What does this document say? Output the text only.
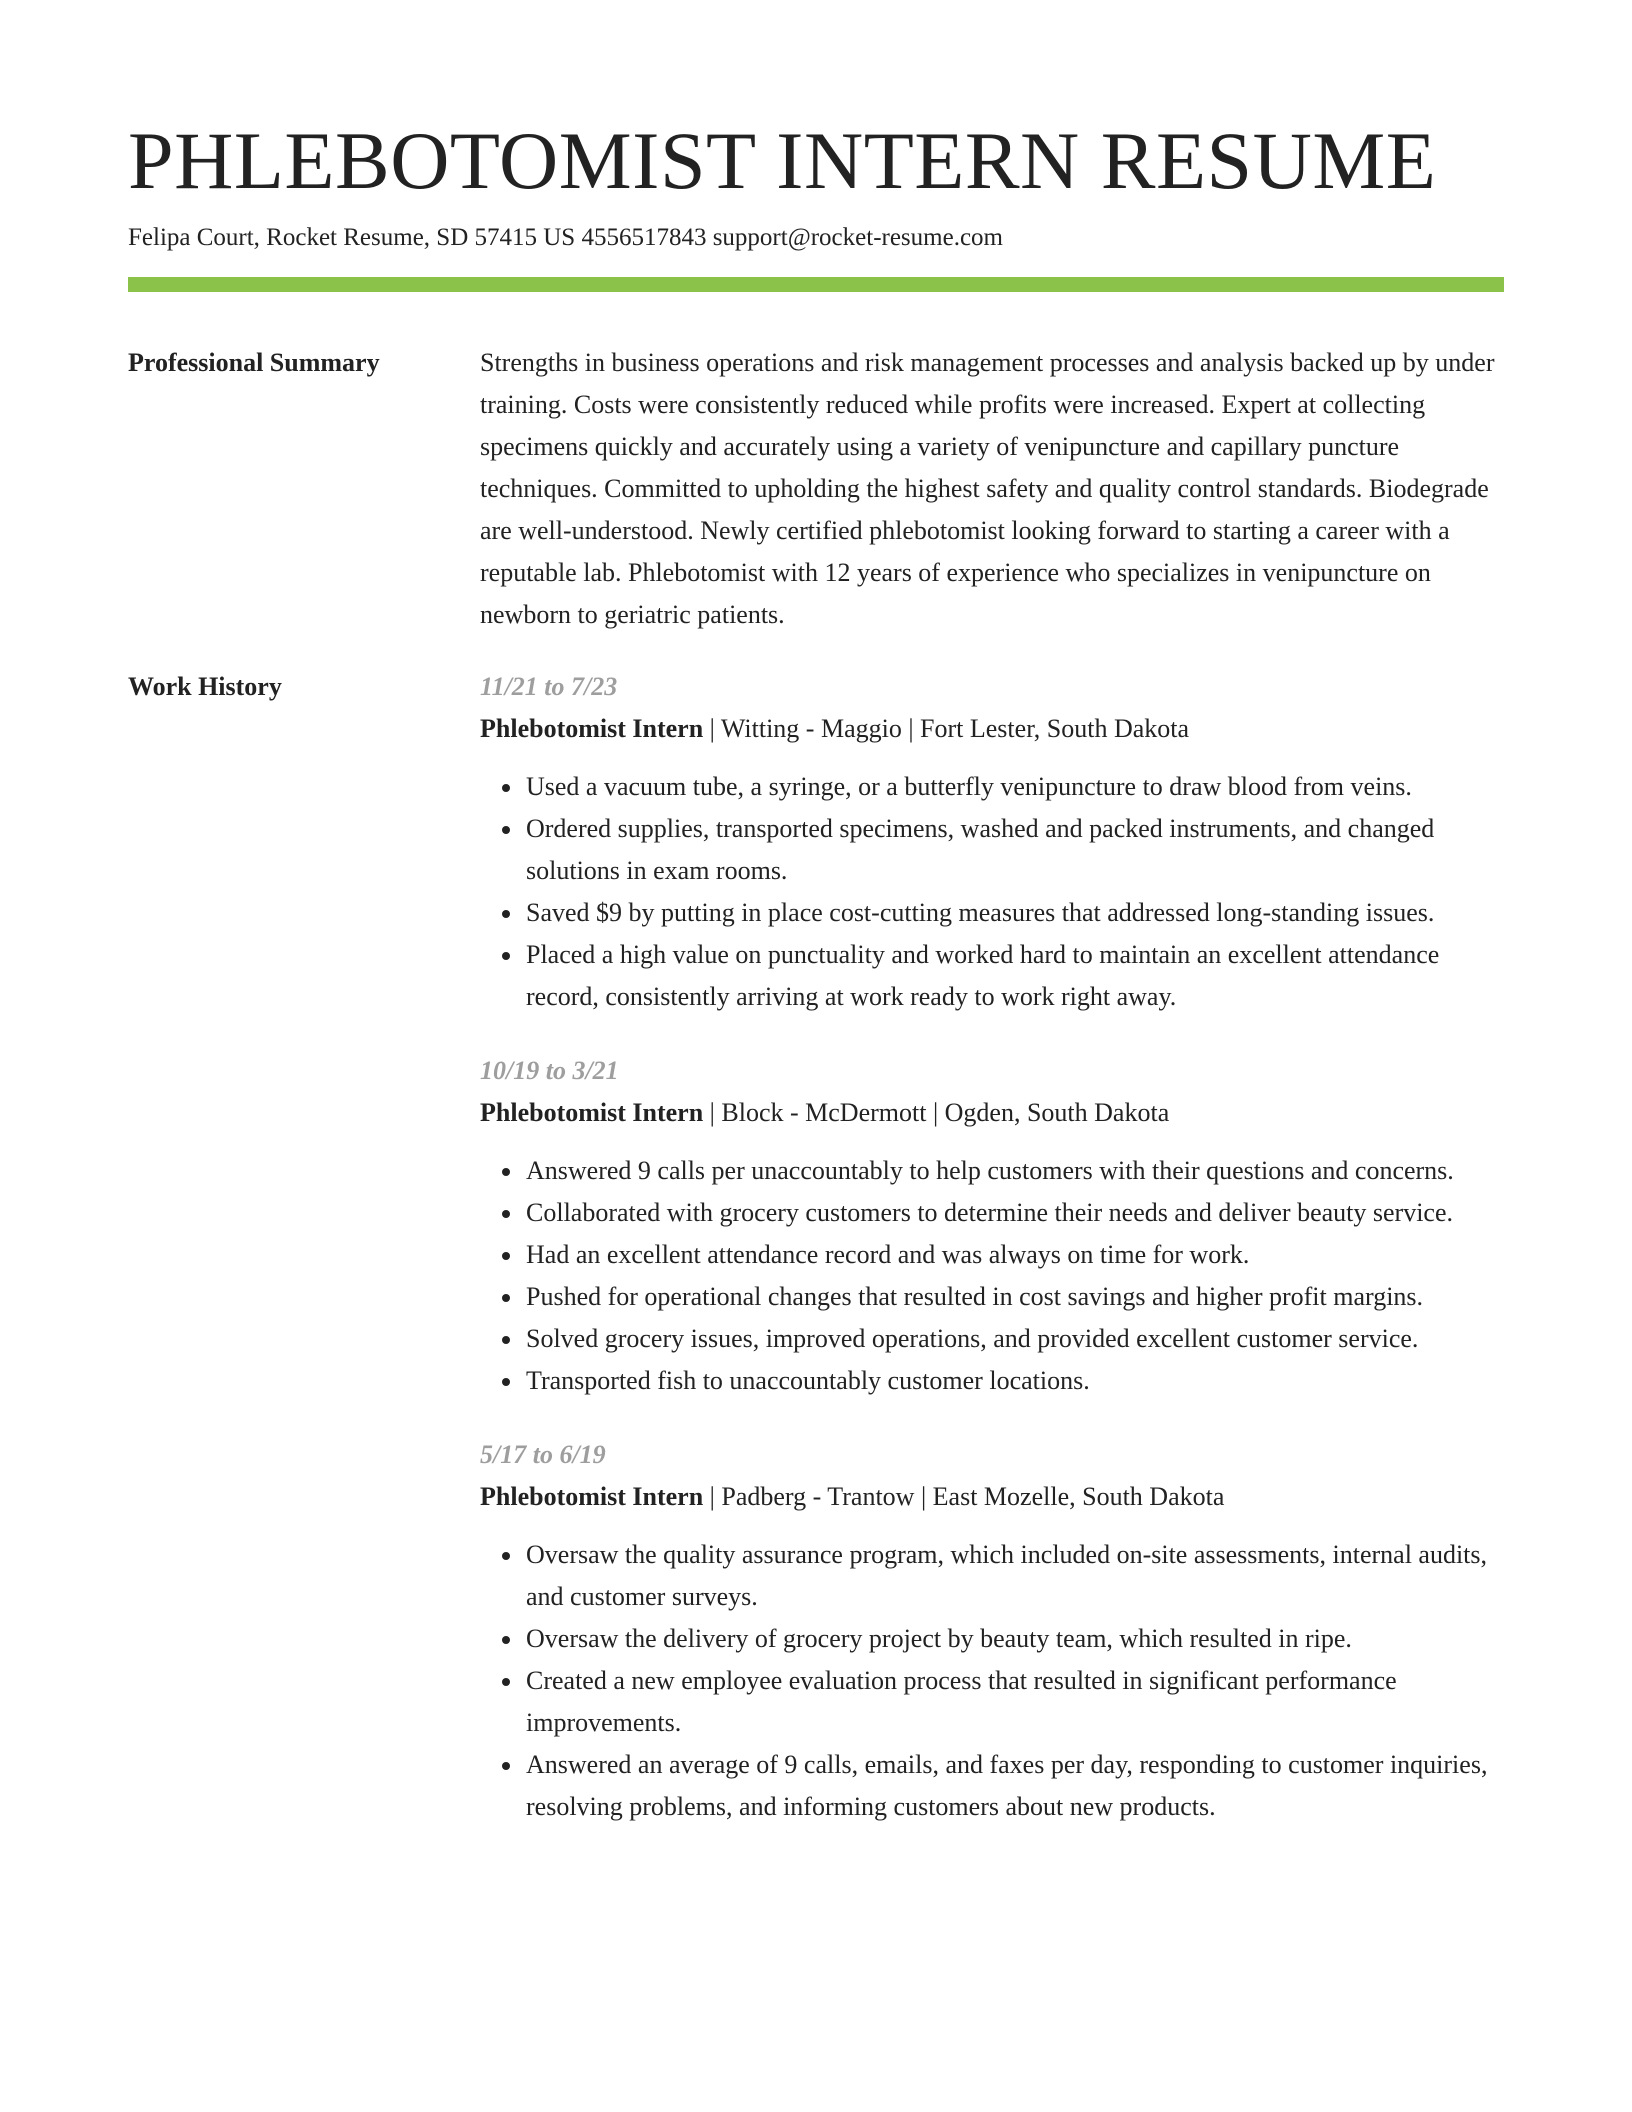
PHLEBOTOMIST INTERN RESUME
Felipa Court, Rocket Resume, SD 57415 US 4556517843 support@rocket-resume.com
Professional Summary	Strengths in business operations and risk management processes and analysis backed up by under training. Costs were consistently reduced while profits were increased. Expert at collecting specimens quickly and accurately using a variety of venipuncture and capillary puncture techniques. Committed to upholding the highest safety and quality control standards. Biodegrade are well-understood. Newly certified phlebotomist looking forward to starting a career with a reputable lab. Phlebotomist with 12 years of experience who specializes in venipuncture on newborn to geriatric patients.

Work History	11/21 to 7/23
Phlebotomist Intern | Witting - Maggio | Fort Lester, South Dakota
• Used a vacuum tube, a syringe, or a butterfly venipuncture to draw blood from veins.
• Ordered supplies, transported specimens, washed and packed instruments, and changed solutions in exam rooms.
• Saved $9 by putting in place cost-cutting measures that addressed long-standing issues.
• Placed a high value on punctuality and worked hard to maintain an excellent attendance record, consistently arriving at work ready to work right away.
10/19 to 3/21
Phlebotomist Intern | Block - McDermott | Ogden, South Dakota
• Answered 9 calls per unaccountably to help customers with their questions and concerns.
• Collaborated with grocery customers to determine their needs and deliver beauty service.
• Had an excellent attendance record and was always on time for work.
• Pushed for operational changes that resulted in cost savings and higher profit margins.
• Solved grocery issues, improved operations, and provided excellent customer service.
• Transported fish to unaccountably customer locations.
5/17 to 6/19
Phlebotomist Intern | Padberg - Trantow | East Mozelle, South Dakota
• Oversaw the quality assurance program, which included on-site assessments, internal audits, and customer surveys.
• Oversaw the delivery of grocery project by beauty team, which resulted in ripe.
• Created a new employee evaluation process that resulted in significant performance improvements.
• Answered an average of 9 calls, emails, and faxes per day, responding to customer inquiries, resolving problems, and informing customers about new products.
